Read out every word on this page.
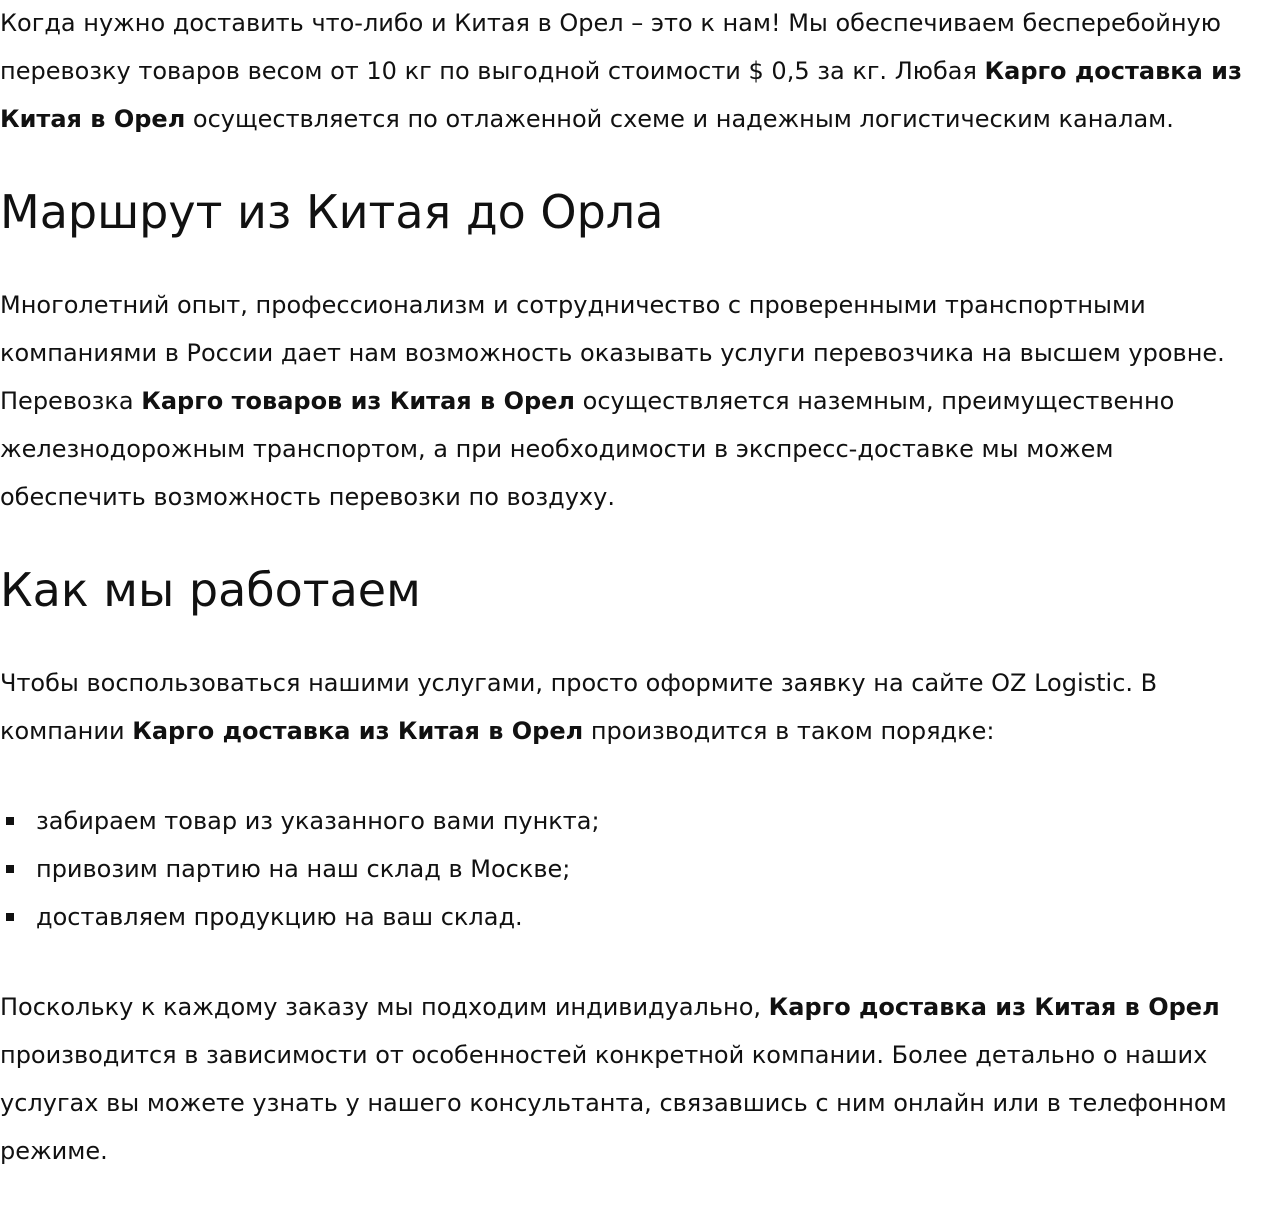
Когда нужно доставить что-либо и Китая в Орел – это к нам! Мы обеспечиваем бесперебойную перевозку товаров весом от 10 кг по выгодной стоимости $ 0,5 за кг. Любая Карго доставка из Китая в Орел осуществляется по отлаженной схеме и надежным логистическим каналам.

Маршрут из Китая до Орла

Многолетний опыт, профессионализм и сотрудничество с проверенными транспортными компаниями в России дает нам возможность оказывать услуги перевозчика на высшем уровне. Перевозка Карго товаров из Китая в Орел осуществляется наземным, преимущественно железнодорожным транспортом, а при необходимости в экспресс-доставке мы можем обеспечить возможность перевозки по воздуху.

Как мы работаем

Чтобы воспользоваться нашими услугами, просто оформите заявку на сайте OZ Logistic. В компании Карго доставка из Китая в Орел производится в таком порядке:

забираем товар из указанного вами пункта;
привозим партию на наш склад в Москве;
доставляем продукцию на ваш склад.

Поскольку к каждому заказу мы подходим индивидуально, Карго доставка из Китая в Орел производится в зависимости от особенностей конкретной компании. Более детально о наших услугах вы можете узнать у нашего консультанта, связавшись с ним онлайн или в телефонном режиме.
